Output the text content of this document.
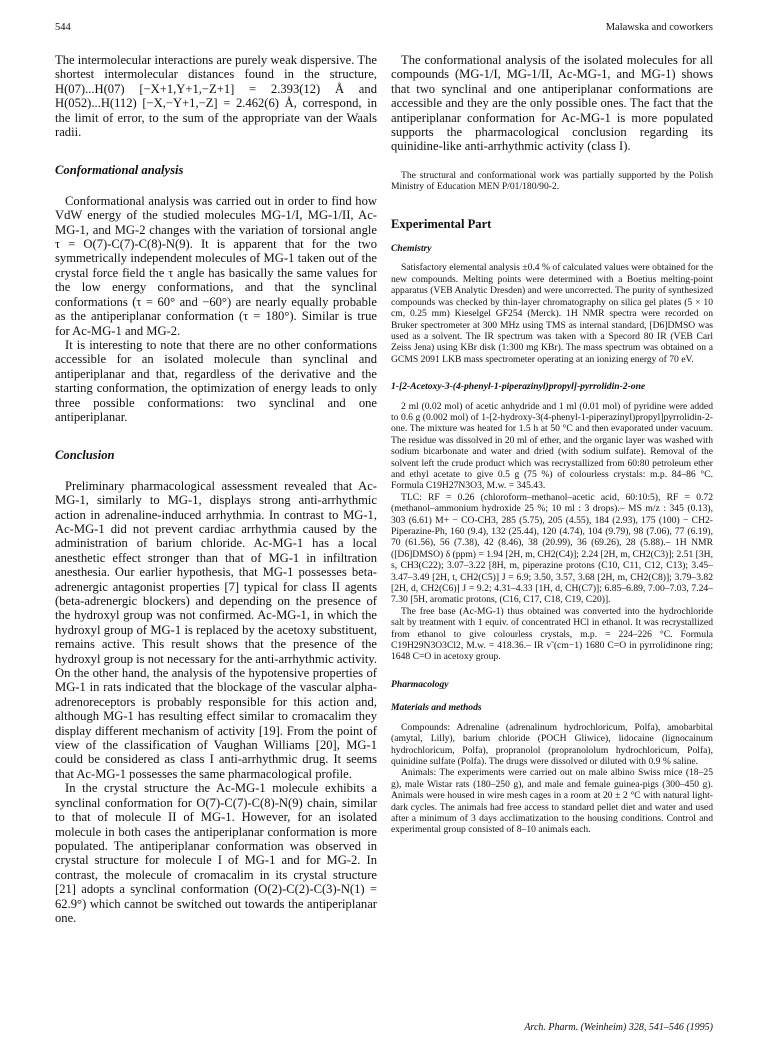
544	Malawska and coworkers

The intermolecular interactions are purely weak dispersive. The shortest intermolecular distances found in the structure, H(07)...H(07) [−X+1,Y+1,−Z+1] = 2.393(12) Å and H(052)...H(112) [−X,−Y+1,−Z] = 2.462(6) Å, correspond, in the limit of error, to the sum of the appropriate van der Waals radii.

Conformational analysis

Conformational analysis was carried out in order to find how VdW energy of the studied molecules MG-1/I, MG-1/II, Ac-MG-1, and MG-2 changes with the variation of torsional angle τ = O(7)-C(7)-C(8)-N(9). It is apparent that for the two symmetrically independent molecules of MG-1 taken out of the crystal force field the τ angle has basically the same values for the low energy conformations, and that the synclinal conformations (τ = 60° and −60°) are nearly equally probable as the antiperiplanar conformation (τ = 180°). Similar is true for Ac-MG-1 and MG-2.

It is interesting to note that there are no other conformations accessible for an isolated molecule than synclinal and antiperiplanar and that, regardless of the derivative and the starting conformation, the optimization of energy leads to only three possible conformations: two synclinal and one antiperiplanar.

Conclusion

Preliminary pharmacological assessment revealed that Ac-MG-1, similarly to MG-1, displays strong anti-arrhythmic action in adrenaline-induced arrhythmia. In contrast to MG-1, Ac-MG-1 did not prevent cardiac arrhythmia caused by the administration of barium chloride. Ac-MG-1 has a local anesthetic effect stronger than that of MG-1 in infiltration anesthesia. Our earlier hypothesis, that MG-1 possesses beta-adrenergic antagonist properties [7] typical for class II agents (beta-adrenergic blockers) and depending on the presence of the hydroxyl group was not confirmed. Ac-MG-1, in which the hydroxyl group of MG-1 is replaced by the acetoxy substituent, remains active. This result shows that the presence of the hydroxyl group is not necessary for the anti-arrhythmic activity. On the other hand, the analysis of the hypotensive properties of MG-1 in rats indicated that the blockage of the vascular alpha-adrenoreceptors is probably responsible for this action and, although MG-1 has resulting effect similar to cromacalim they display different mechanism of activity [19]. From the point of view of the classification of Vaughan Williams [20], MG-1 could be considered as class I anti-arrhythmic drug. It seems that Ac-MG-1 possesses the same pharmacological profile.

In the crystal structure the Ac-MG-1 molecule exhibits a synclinal conformation for O(7)-C(7)-C(8)-N(9) chain, similar to that of molecule II of MG-1. However, for an isolated molecule in both cases the antiperiplanar conformation is more populated. The antiperiplanar conformation was observed in crystal structure for molecule I of MG-1 and for MG-2. In contrast, the molecule of cromacalim in its crystal structure [21] adopts a synclinal conformation (O(2)-C(2)-C(3)-N(1) = 62.9°) which cannot be switched out towards the antiperiplanar one.

The conformational analysis of the isolated molecules for all compounds (MG-1/I, MG-1/II, Ac-MG-1, and MG-1) shows that two synclinal and one antiperiplanar conformations are accessible and they are the only possible ones. The fact that the antiperiplanar conformation for Ac-MG-1 is more populated supports the pharmacological conclusion regarding its quinidine-like anti-arrhythmic activity (class I).

The structural and conformational work was partially supported by the Polish Ministry of Education MEN P/01/180/90-2.

Experimental Part
Chemistry

Satisfactory elemental analysis ±0.4 % of calculated values were obtained for the new compounds. Melting points were determined with a Boetius melting-point apparatus (VEB Analytic Dresden) and were uncorrected. The purity of synthesized compounds was checked by thin-layer chromatography on silica gel plates (5 × 10 cm, 0.25 mm) Kieselgel GF254 (Merck). 1H NMR spectra were recorded on Bruker spectrometer at 300 MHz using TMS as internal standard, [D6]DMSO was used as a solvent. The IR spectrum was taken with a Specord 80 IR (VEB Carl Zeiss Jena) using KBr disk (1:300 mg KBr). The mass spectrum was obtained on a GCMS 2091 LKB mass spectrometer operating at an ionizing energy of 70 eV.

1-[2-Acetoxy-3-(4-phenyl-1-piperazinyl)propyl]-pyrrolidin-2-one

2 ml (0.02 mol) of acetic anhydride and 1 ml (0.01 mol) of pyridine were added to 0.6 g (0.002 mol) of 1-[2-hydroxy-3(4-phenyl-1-piperazinyl)propyl]pyrrolidin-2-one. The mixture was heated for 1.5 h at 50 °C and then evaporated under vacuum. The residue was dissolved in 20 ml of ether, and the organic layer was washed with sodium bicarbonate and water and dried (with sodium sulfate). Removal of the solvent left the crude product which was recrystallized from 60:80 petroleum ether and ethyl acetate to give 0.5 g (75 %) of colourless crystals: m.p. 84–86 °C. Formula C19H27N3O3, M.w. = 345.43.

TLC: RF = 0.26 (chloroform–methanol–acetic acid, 60:10:5), RF = 0.72 (methanol–ammonium hydroxide 25 %; 10 ml : 3 drops).– MS m/z : 345 (0.13), 303 (6.61) M+ − CO-CH3, 285 (5.75), 205 (4.55), 184 (2.93), 175 (100) − CH2-Piperazine-Ph, 160 (9.4), 132 (25.44), 120 (4.74), 104 (9.79), 98 (7.06), 77 (6.19), 70 (61.56), 56 (7.38), 42 (8.46), 38 (20.99), 36 (69.26), 28 (5.88).– 1H NMR ([D6]DMSO) δ (ppm) = 1.94 [2H, m, CH2(C4)]; 2.24 [2H, m, CH2(C3)]; 2.51 [3H, s, CH3(C22); 3.07–3.22 [8H, m, piperazine protons (C10, C11, C12, C13); 3.45– 3.47–3.49 [2H, t, CH2(C5)] J = 6.9; 3.50, 3.57, 3.68 [2H, m, CH2(C8)]; 3.79–3.82 [2H, d, CH2(C6)] J = 9.2; 4.31–4.33 [1H, d, CH(C7)]; 6.85–6.89, 7.00–7.03, 7.24–7.30 [5H, aromatic protons, (C16, C17, C18, C19, C20)].

The free base (Ac-MG-1) thus obtained was converted into the hydrochloride salt by treatment with 1 equiv. of concentrated HCl in ethanol. It was recrystallized from ethanol to give colourless crystals, m.p. = 224–226 °C. Formula C19H29N3O3Cl2, M.w. = 418.36.– IR ν̃ (cm−1) 1680 C=O in pyrrolidinone ring; 1648 C=O in acetoxy group.

Pharmacology
Materials and methods

Compounds: Adrenaline (adrenalinum hydrochloricum, Polfa), amobarbital (amytal, Lilly), barium chloride (POCH Gliwice), lidocaine (lignocainum hydrochloricum, Polfa), propranolol (propranololum hydrochloricum, Polfa), quinidine sulfate (Polfa). The drugs were dissolved or diluted with 0.9 % saline.

Animals: The experiments were carried out on male albino Swiss mice (18–25 g), male Wistar rats (180–250 g), and male and female guinea-pigs (300–450 g). Animals were housed in wire mesh cages in a room at 20 ± 2 °C with natural light-dark cycles. The animals had free access to standard pellet diet and water and used after a minimum of 3 days acclimatization to the housing conditions. Control and experimental group consisted of 8–10 animals each.

Arch. Pharm. (Weinheim) 328, 541–546 (1995)
